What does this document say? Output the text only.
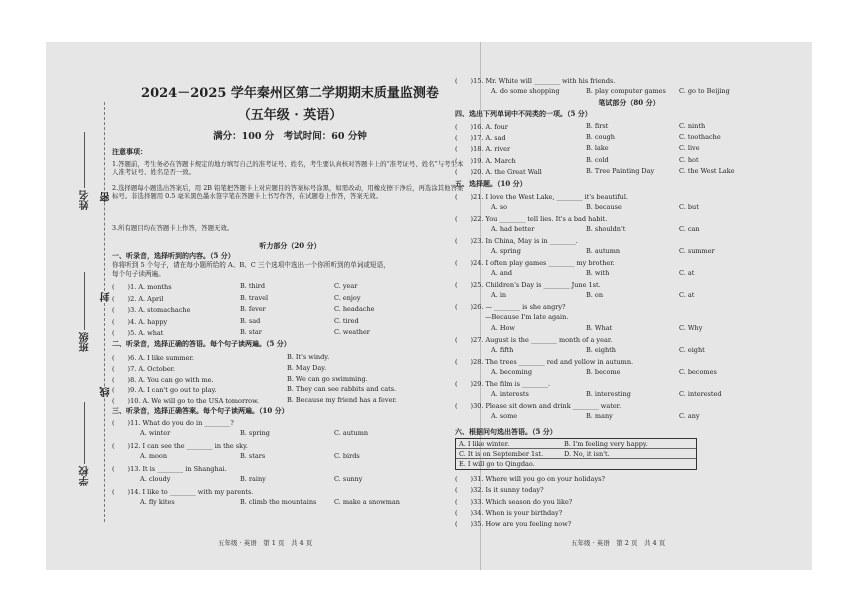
姓名
班级
学校
密
封
线
2024－2025 学年秦州区第二学期期末质量监测卷
（五年级 · 英语）
满分：100 分　考试时间：60 分钟
注意事项：
1.答题前，考生务必在答题卡规定的地方填写自己的准考证号、姓名，考生要认真核对答题卡上的“准考证号、姓名”与考生本人准考证号、姓名是否一致。
2.选择题每小题选出答案后，用 2B 铅笔把答题卡上对应题目的答案标号涂黑，如需改动，用橡皮擦干净后，再选涂其他答案标号。非选择题用 0.5 毫米黑色墨水签字笔在答题卡上书写作答，在试题卷上作答，答案无效。
3.所有题目均在答题卡上作答，答题无效。
听力部分（20 分）
一、听录音，选择听到的内容。（5 分）
你将听到 5 个句子，请在每小题所给的 A、B、C 三个选项中选出一个你所听到的单词或短语，
每个句子读两遍。
(　　)1. A. months	B. third	C. year
(　　)2. A. April	B. travel	C. enjoy
(　　)3. A. stomachache	B. fever	C. headache
(　　)4. A. happy	B. sad	C. tired
(　　)5. A. what	B. star	C. weather
二、听录音，选择正确的答语。每个句子读两遍。（5 分）
(　　)6. A. I like summer.	B. It's windy.
(　　)7. A. October.	B. May Day.
(　　)8. A. You can go with me.	B. We can go swimming.
(　　)9. A. I can't go out to play.	B. They can see rabbits and cats.
(　　)10. A. We will go to the USA tomorrow.	B. Because my friend has a fever.
三、听录音，选择正确答案。每个句子读两遍。（10 分）
(　　)11. What do you do in ________?
A. winter	B. spring	C. autumn
(　　)12. I can see the ________ in the sky.
A. moon	B. stars	C. birds
(　　)13. It is ________ in Shanghai.
A. cloudy	B. rainy	C. sunny
(　　)14. I like to ________ with my parents.
A. fly kites	B. climb the mountains	C. make a snowman
五年级 · 英语　第 1 页　共 4 页
(　　)15. Mr. White will ________ with his friends.
A. do some shopping	B. play computer games C. go to Beijing
笔试部分（80 分）
四、选出下列单词中不同类的一项。（5 分）
(　　)16. A. four	B. first	C. ninth
(　　)17. A. sad	B. cough	C. toothache
(　　)18. A. river	B. lake	C. live
(　　)19. A. March	B. cold	C. hot
(　　)20. A. the Great Wall	B. Tree Painting Day	C. the West Lake
五、选择题。（10 分）
(　　)21. I love the West Lake, ________ it's beautiful.
A. so	B. because	C. but
(　　)22. You ________ tell lies. It's a bad habit.
A. had better	B. shouldn't	C. can
(　　)23. In China, May is in ________.
A. spring	B. autumn	C. summer
(　　)24. I often play games ________ my brother.
A. and	B. with	C. at
(　　)25. Children's Day is ________ June 1st.
A. in	B. on	C. at
(　　)26. — ________ is she angry?
—Because I'm late again.
A. How	B. What	C. Why
(　　)27. August is the ________ month of a year.
A. fifth	B. eighth	C. eight
(　　)28. The trees ________ red and yellow in autumn.
A. becoming	B. become	C. becomes
(　　)29. The film is ________.
A. interests	B. interesting	C. interested
(　　)30. Please sit down and drink ________ water.
A. some	B. many	C. any
六、根据问句选出答语。（5 分）
A. I like winter.	B. I'm feeling very happy.
C. It is on September 1st.	D. No, it isn't.
E. I will go to Qingdao.
(　　)31. Where will you go on your holidays?
(　　)32. Is it sunny today?
(　　)33. Which season do you like?
(　　)34. When is your birthday?
(　　)35. How are you feeling now?
五年级 · 英语　第 2 页　共 4 页
